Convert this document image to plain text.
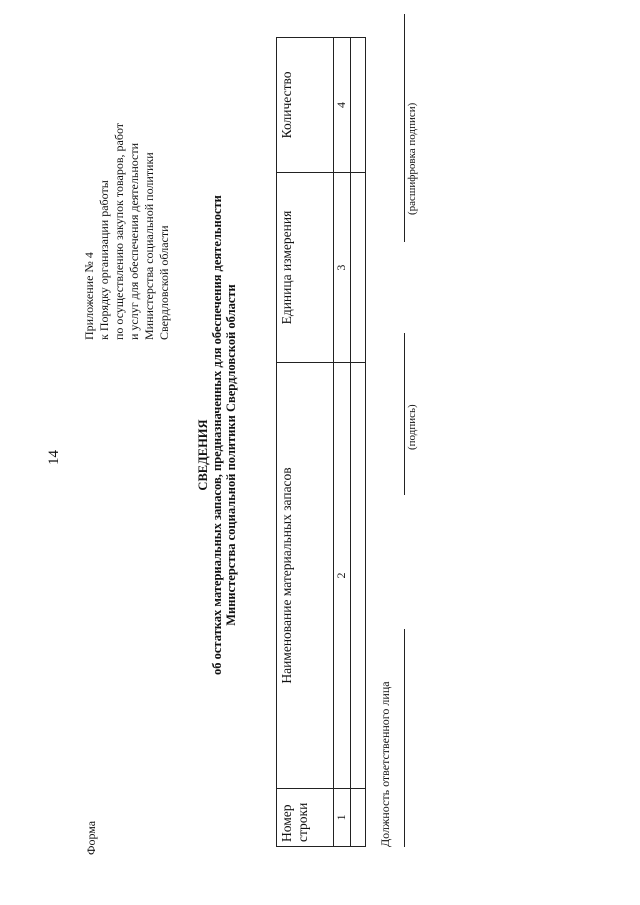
14
Форма
Приложение № 4 к Порядку организации работы по осуществлению закупок товаров, работ и услуг для обеспечения деятельности Министерства социальной политики Свердловской области
СВЕДЕНИЯ об остатках материальных запасов, предназначенных для обеспечения деятельности Министерства социальной политики Свердловской области
Номер строки	Наименование материальных запасов	Единица измерения	Количество
1	2	3	4

Должность ответственного лица
(подпись)
(расшифровка подписи)
